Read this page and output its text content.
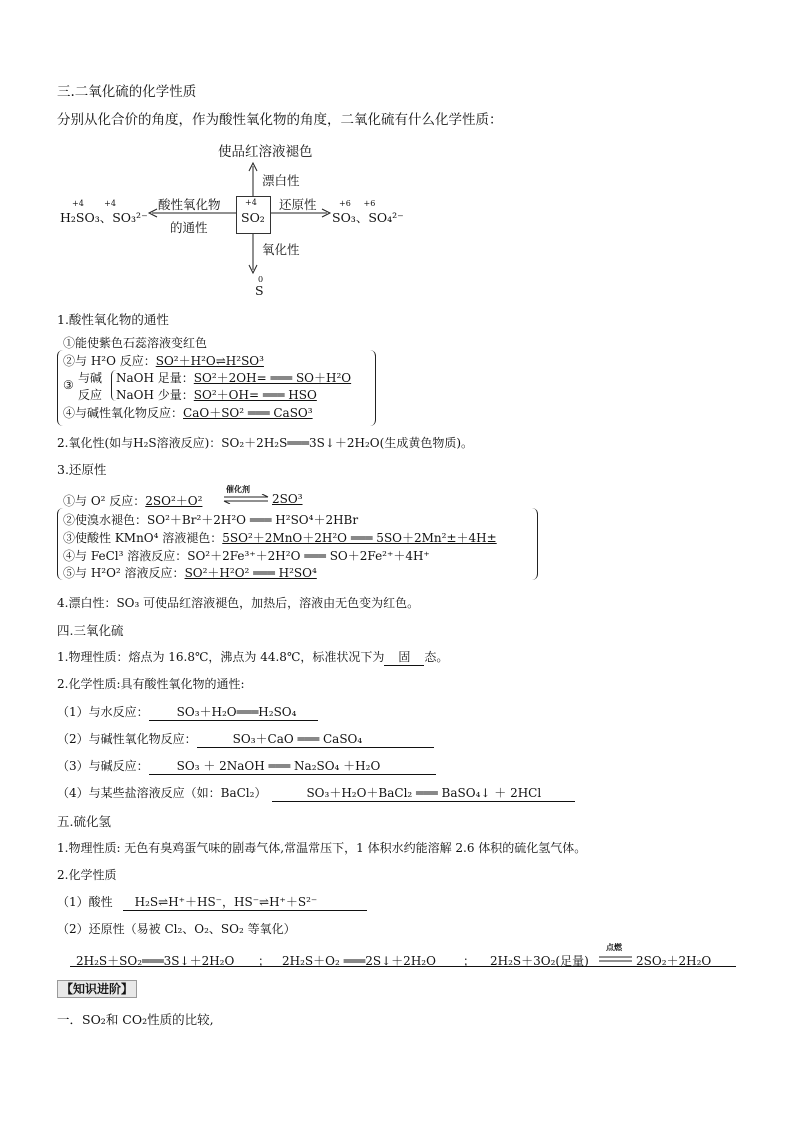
三.二氧化硫的化学性质
分别从化合价的角度，作为酸性氧化物的角度，二氧化硫有什么化学性质：
使品红溶液褪色
漂白性
酸性氧化物
的通性
还原性
氧化性
+4
SO₂
+4        +4
H₂SO₃、SO₃²⁻
+6     +6
SO₃、SO₄²⁻
0
S
1.酸性氧化物的通性
①能使紫色石蕊溶液变红色
②与 H²O 反应：SO²＋H²O⇌H²SO³
③ 与碱
反应
NaOH 足量：SO²＋2OH= ═══ SO＋H²O
NaOH 少量：SO²＋OH= ═══ HSO
④与碱性氧化物反应：CaO＋SO² ═══ CaSO³
2.氧化性(如与H₂S溶液反应)：SO₂＋2H₂S═══3S↓＋2H₂O(生成黄色物质)。
3.还原性
①与 O² 反应：2SO²＋O²
催化剂
2SO³
②使溴水褪色：SO²＋Br²＋2H²O ═══ H²SO⁴＋2HBr
③使酸性 KMnO⁴ 溶液褪色：5SO²＋2MnO＋2H²O ═══ 5SO＋2Mn²±＋4H±
④与 FeCl³ 溶液反应：SO²＋2Fe³⁺＋2H²O ═══ SO＋2Fe²⁺＋4H⁺
⑤与 H²O² 溶液反应：SO²＋H²O² ═══ H²SO⁴
4.漂白性：SO₃ 可使品红溶液褪色，加热后，溶液由无色变为红色。
四.三氧化硫
1.物理性质：熔点为 16.8℃，沸点为 44.8℃，标准状况下为 固 态。
2.化学性质:具有酸性氧化物的通性:
（1）与水反应： SO₃＋H₂O═══H₂SO₄
（2）与碱性氧化物反应：	SO₃＋CaO ═══ CaSO₄
（3）与碱反应： SO₃ ＋ 2NaOH ═══ Na₂SO₄ ＋H₂O
（4）与某些盐溶液反应（如：BaCl₂）	SO₃＋H₂O＋BaCl₂ ═══ BaSO₄↓ ＋ 2HCl
五.硫化氢
1.物理性质: 无色有臭鸡蛋气味的剧毒气体,常温常压下，1 体积水约能溶解 2.6 体积的硫化氢气体。
2.化学性质
（1）酸性 H₂S⇌H⁺＋HS⁻，HS⁻⇌H⁺＋S²⁻
（2）还原性（易被 Cl₂、O₂、SO₂ 等氧化）
2H₂S＋SO₂═══3S↓＋2H₂O ； 2H₂S＋O₂ ═══2S↓＋2H₂O ； 2H₂S＋3O₂(足量)
点燃
2SO₂＋2H₂O
【知识进阶】
一．SO₂和 CO₂性质的比较,
